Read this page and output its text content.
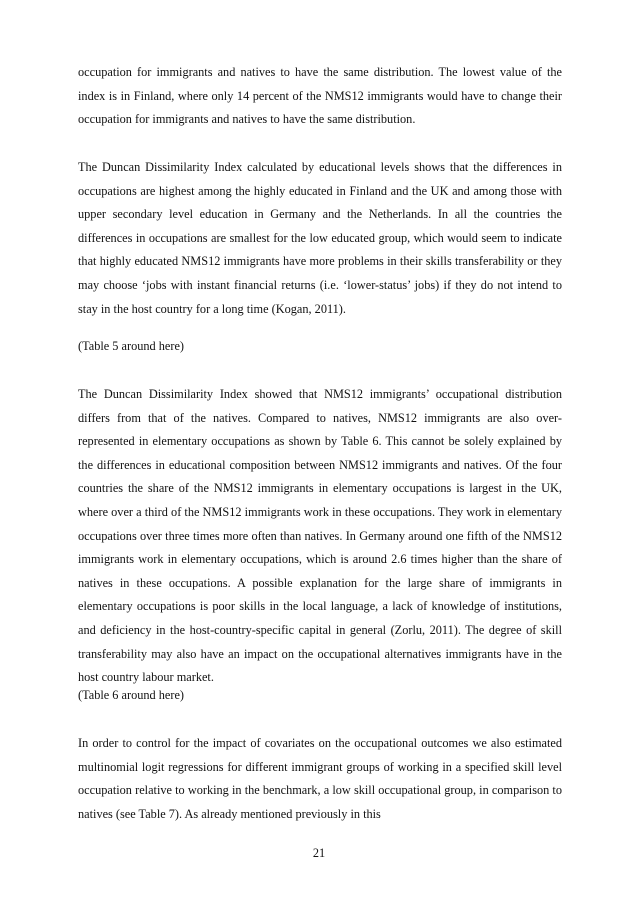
occupation for immigrants and natives to have the same distribution. The lowest value of the index is in Finland, where only 14 percent of the NMS12 immigrants would have to change their occupation for immigrants and natives to have the same distribution.

The Duncan Dissimilarity Index calculated by educational levels shows that the differences in occupations are highest among the highly educated in Finland and the UK and among those with upper secondary level education in Germany and the Netherlands. In all the countries the differences in occupations are smallest for the low educated group, which would seem to indicate that highly educated NMS12 immigrants have more problems in their skills transferability or they may choose ‘jobs with instant financial returns (i.e. ‘lower-status’ jobs) if they do not intend to stay in the host country for a long time (Kogan, 2011).

(Table 5 around here)

The Duncan Dissimilarity Index showed that NMS12 immigrants’ occupational distribution differs from that of the natives. Compared to natives, NMS12 immigrants are also over-represented in elementary occupations as shown by Table 6. This cannot be solely explained by the differences in educational composition between NMS12 immigrants and natives. Of the four countries the share of the NMS12 immigrants in elementary occupations is largest in the UK, where over a third of the NMS12 immigrants work in these occupations. They work in elementary occupations over three times more often than natives. In Germany around one fifth of the NMS12 immigrants work in elementary occupations, which is around 2.6 times higher than the share of natives in these occupations. A possible explanation for the large share of immigrants in elementary occupations is poor skills in the local language, a lack of knowledge of institutions, and deficiency in the host-country-specific capital in general (Zorlu, 2011). The degree of skill transferability may also have an impact on the occupational alternatives immigrants have in the host country labour market.

(Table 6 around here)

In order to control for the impact of covariates on the occupational outcomes we also estimated multinomial logit regressions for different immigrant groups of working in a specified skill level occupation relative to working in the benchmark, a low skill occupational group, in comparison to natives (see Table 7). As already mentioned previously in this

21
